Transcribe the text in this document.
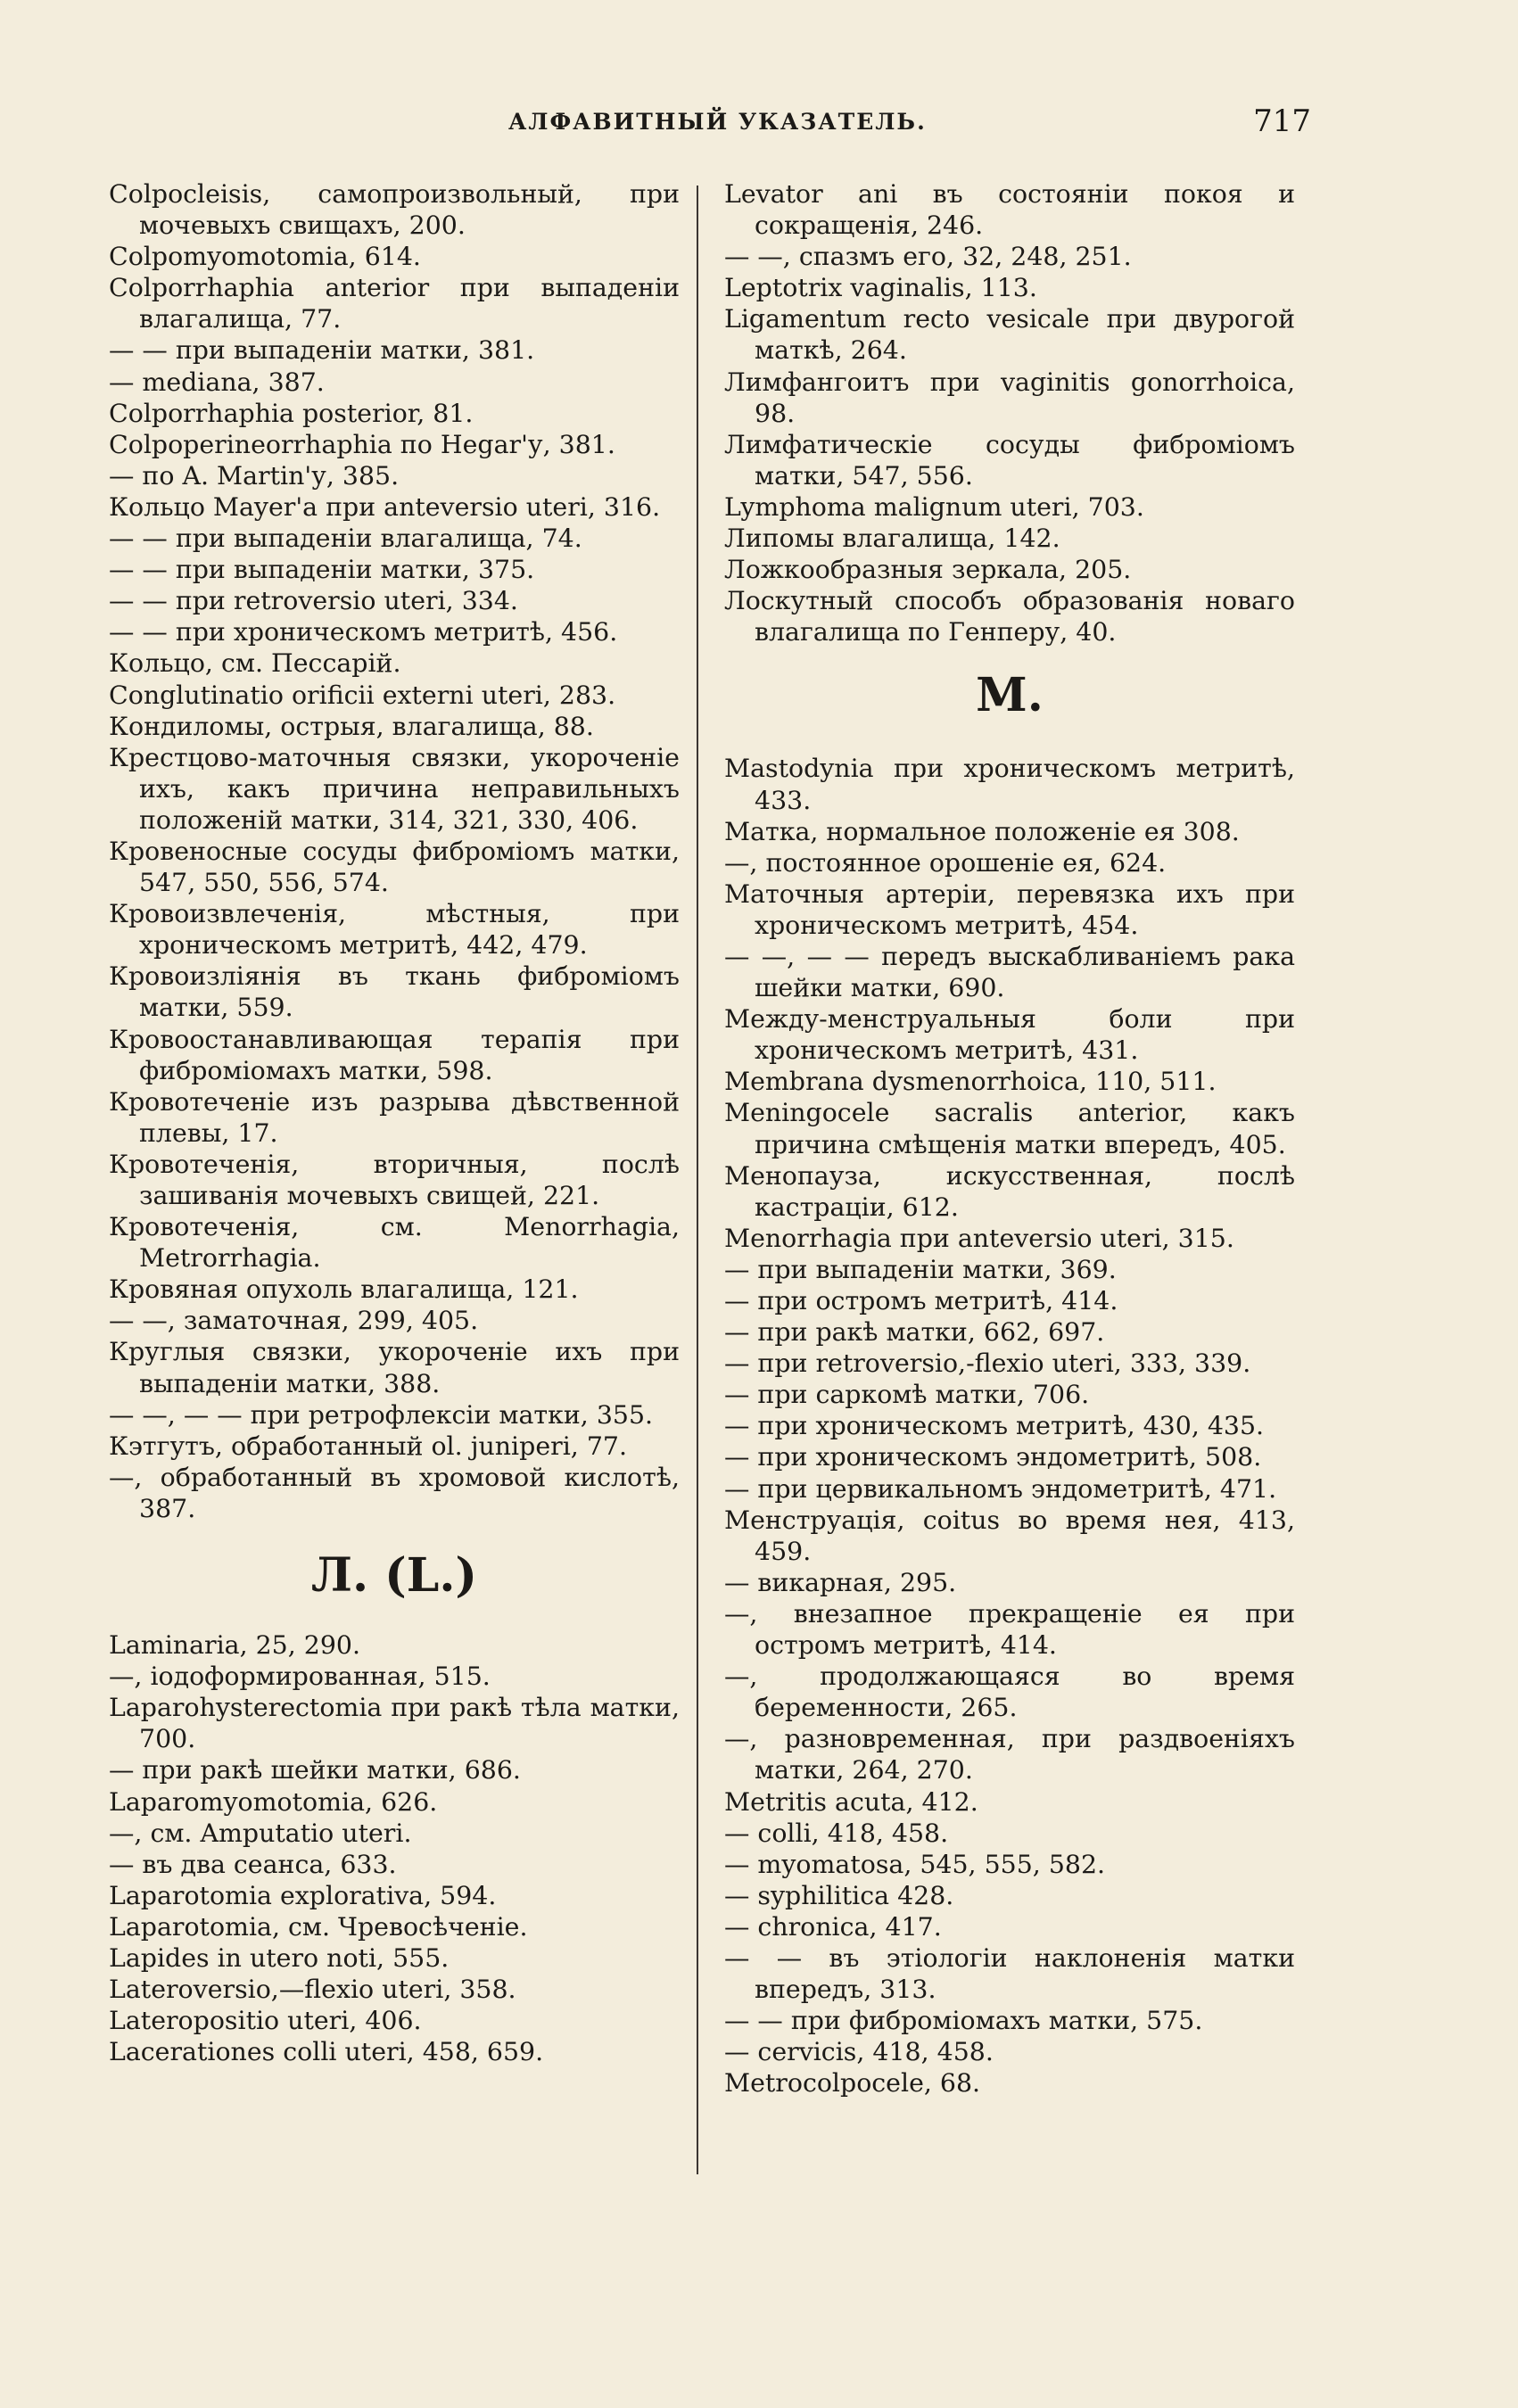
АЛФАВИТНЫЙ УКАЗАТЕЛЬ.	717

Colpocleisis, самопроизвольный, при мочевыхъ свищахъ, 200.

Colpomyomotomia, 614.

Colporrhaphia anterior при выпаденіи влагалища, 77.

— — при выпаденіи матки, 381.

— mediana, 387.

Colporrhaphia posterior, 81.

Colpoperineorrhaphia по Hegar'у, 381.

— по A. Martin'у, 385.

Кольцо Mayer'а при anteversio uteri, 316.

— — при выпаденіи влагалища, 74.

— — при выпаденіи матки, 375.

— — при retroversio uteri, 334.

— — при хроническомъ метритѣ, 456.

Кольцо, см. Пессарій.

Conglutinatio orificii externi uteri, 283.

Кондиломы, острыя, влагалища, 88.

Крестцово-маточныя связки, укороченіе ихъ, какъ причина неправильныхъ положеній матки, 314, 321, 330, 406.

Кровеносные сосуды фиброміомъ матки, 547, 550, 556, 574.

Кровоизвлеченія, мѣстныя, при хроническомъ метритѣ, 442, 479.

Кровоизліянія въ ткань фиброміомъ матки, 559.

Кровоостанавливающая терапія при фиброміомахъ матки, 598.

Кровотеченіе изъ разрыва дѣвственной плевы, 17.

Кровотеченія, вторичныя, послѣ зашиванія мочевыхъ свищей, 221.

Кровотеченія, см. Menorrhagia, Metrorrhagia.

Кровяная опухоль влагалища, 121.

— —, заматочная, 299, 405.

Круглыя связки, укороченіе ихъ при выпаденіи матки, 388.

— —, — — при ретрофлексіи матки, 355.

Кэтгутъ, обработанный ol. juniperi, 77.

—, обработанный въ хромовой кислотѣ, 387.

Л. (L.)

Laminaria, 25, 290.

—, іодоформированная, 515.

Laparohysterectomia при ракѣ тѣла матки, 700.

— при ракѣ шейки матки, 686.

Laparomyomotomia, 626.

—, см. Amputatio uteri.

— въ два сеанса, 633.

Laparotomia explorativa, 594.

Laparotomia, см. Чревосѣченіе.

Lapides in utero noti, 555.

Lateroversio,—flexio uteri, 358.

Lateropositio uteri, 406.

Lacerationes colli uteri, 458, 659.

Levator ani въ состояніи покоя и сокращенія, 246.

— —, спазмъ его, 32, 248, 251.

Leptotrix vaginalis, 113.

Ligamentum recto vesicale при двурогой маткѣ, 264.

Лимфангоитъ при vaginitis gonorrhoica, 98.

Лимфатическіе сосуды фиброміомъ матки, 547, 556.

Lymphoma malignum uteri, 703.

Липомы влагалища, 142.

Ложкообразныя зеркала, 205.

Лоскутный способъ образованія новаго влагалища по Генперу, 40.

М.

Mastodynia при хроническомъ метритѣ, 433.

Матка, нормальное положеніе ея 308.

—, постоянное орошеніе ея, 624.

Маточныя артеріи, перевязка ихъ при хроническомъ метритѣ, 454.

— —, — — передъ выскабливаніемъ рака шейки матки, 690.

Между-менструальныя боли при хроническомъ метритѣ, 431.

Membrana dysmenorrhoica, 110, 511.

Meningocele sacralis anterior, какъ причина смѣщенія матки впередъ, 405.

Менопауза, искусственная, послѣ кастраціи, 612.

Menorrhagia при anteversio uteri, 315.

— при выпаденіи матки, 369.

— при остромъ метритѣ, 414.

— при ракѣ матки, 662, 697.

— при retroversio,-flexio uteri, 333, 339.

— при саркомѣ матки, 706.

— при хроническомъ метритѣ, 430, 435.

— при хроническомъ эндометритѣ, 508.

— при цервикальномъ эндометритѣ, 471.

Менструація, coitus во время нея, 413, 459.

— викарная, 295.

—, внезапное прекращеніе ея при остромъ метритѣ, 414.

—, продолжающаяся во время беременности, 265.

—, разновременная, при раздвоеніяхъ матки, 264, 270.

Metritis acuta, 412.

— colli, 418, 458.

— myomatosa, 545, 555, 582.

— syphilitica 428.

— chronica, 417.

— — въ этіологіи наклоненія матки впередъ, 313.

— — при фиброміомахъ матки, 575.

— cervicis, 418, 458.

Metrocolpocele, 68.
